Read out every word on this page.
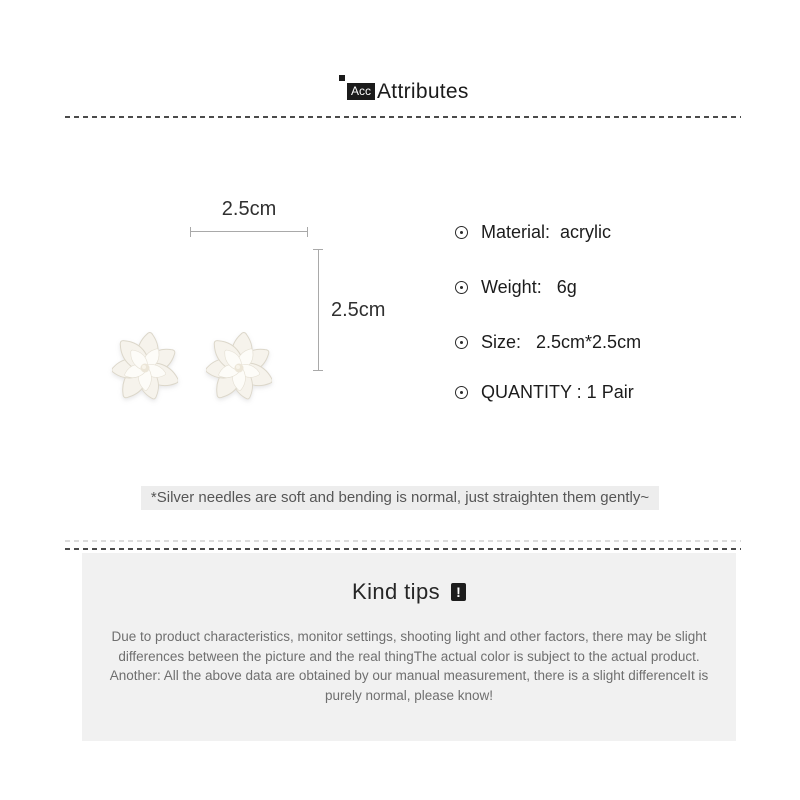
Acc Attributes
2.5cm
2.5cm
Material:  acrylic
Weight:   6g
Size:   2.5cm*2.5cm
QUANTITY : 1 Pair
*Silver needles are soft and bending is normal, just straighten them gently~
Kind tips	!
Due to product characteristics, monitor settings, shooting light and other factors, there may be slight
differences between the picture and the real thingThe actual color is subject to the actual product.
Another: All the above data are obtained by our manual measurement, there is a slight differenceIt is
purely normal, please know!
